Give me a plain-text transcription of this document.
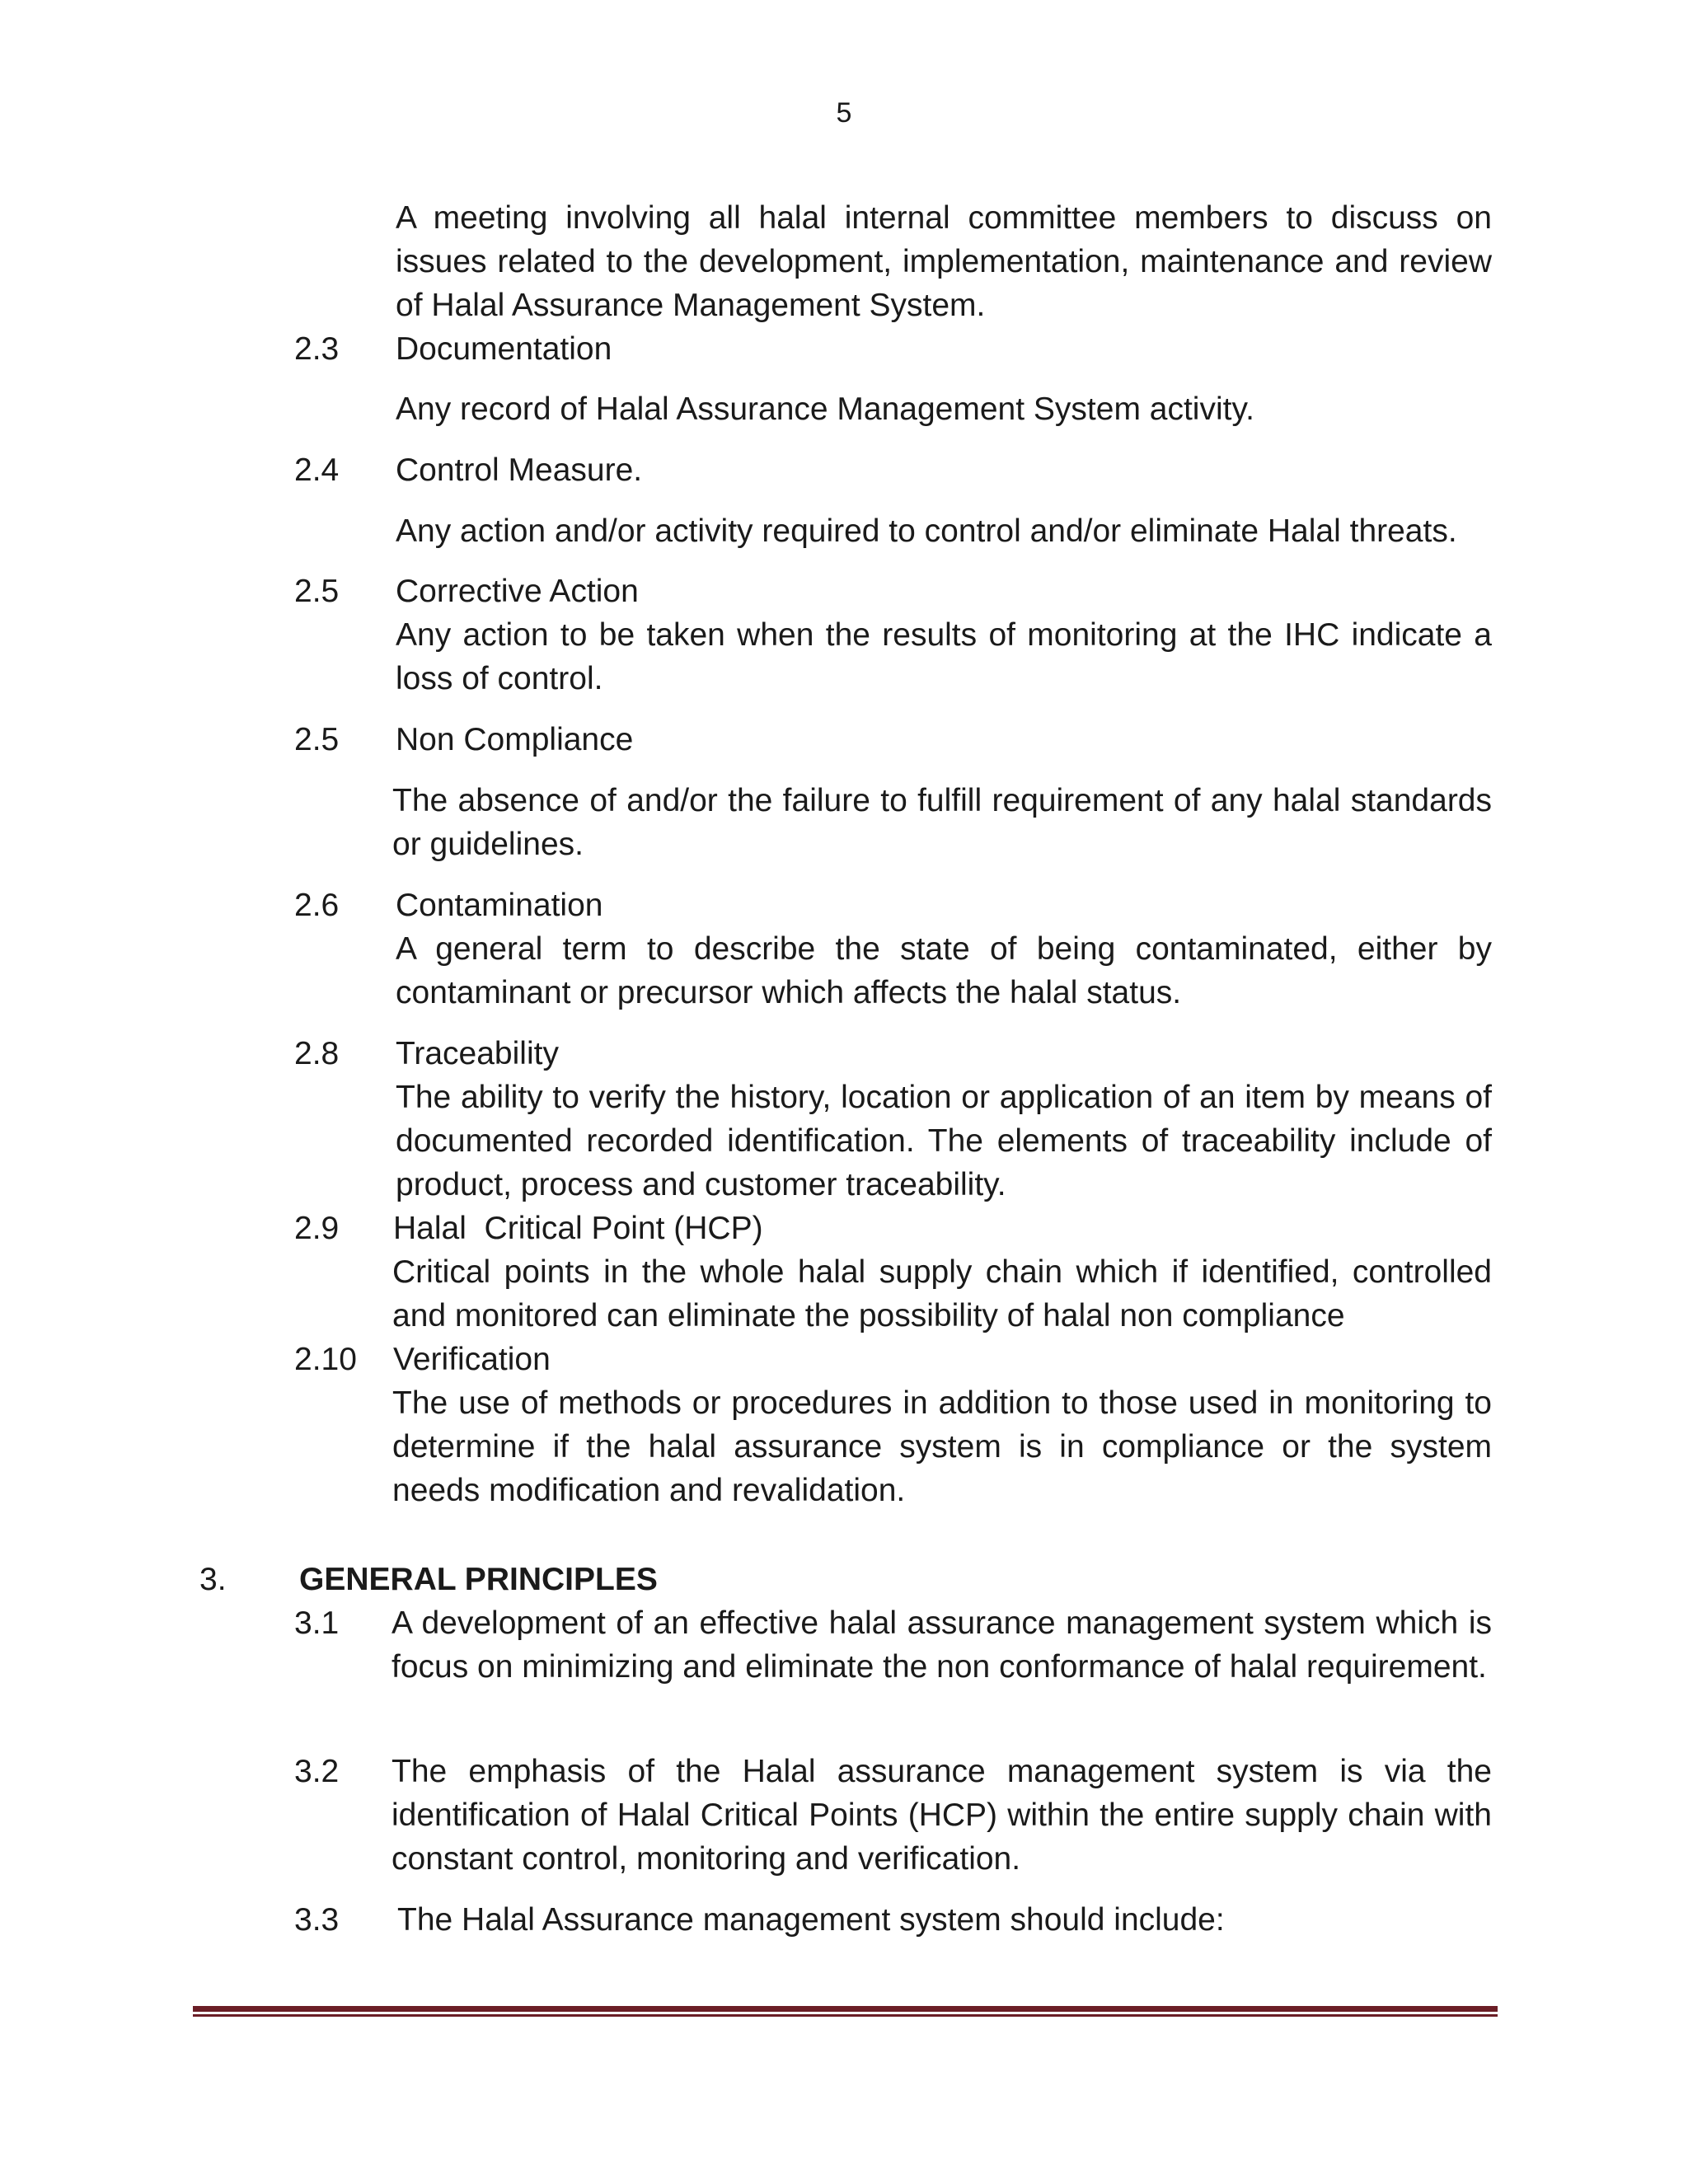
5
A meeting involving all halal internal committee members to discuss on issues related to the development, implementation, maintenance and review of Halal Assurance Management System.
2.3 Documentation
Any record of Halal Assurance Management System activity.
2.4 Control Measure.
Any action and/or activity required to control and/or eliminate Halal threats.
2.5 Corrective Action
Any action to be taken when the results of monitoring at the IHC indicate a loss of control.
2.5 Non Compliance
The absence of and/or the failure to fulfill requirement of any halal standards or guidelines.
2.6 Contamination
A general term to describe the state of being contaminated, either by contaminant or precursor which affects the halal status.
2.8 Traceability
The ability to verify the history, location or application of an item by means of documented recorded identification. The elements of traceability include of product, process and customer traceability.
2.9 Halal  Critical Point (HCP)
Critical points in the whole halal supply chain which if identified, controlled and monitored can eliminate the possibility of halal non compliance
2.10 Verification
The use of methods or procedures in addition to those used in monitoring to determine if the halal assurance system is in compliance or the system needs modification and revalidation.
3. GENERAL PRINCIPLES
3.1 A development of an effective halal assurance management system which is focus on minimizing and eliminate the non conformance of halal requirement.
3.2 The emphasis of the Halal assurance management system is via the identification of Halal Critical Points (HCP) within the entire supply chain with constant control, monitoring and verification.
3.3 The Halal Assurance management system should include:
